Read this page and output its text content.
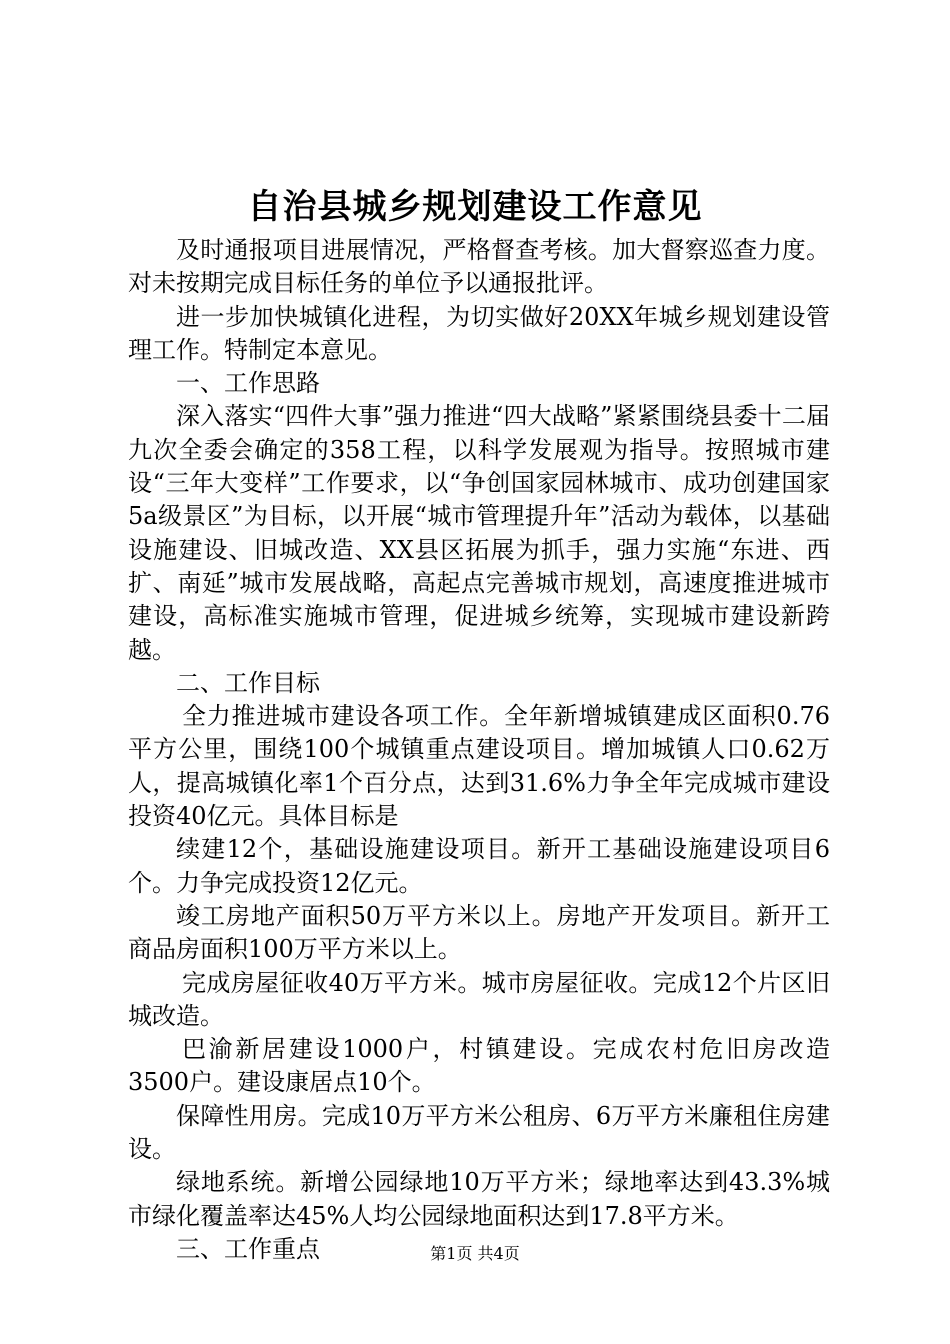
自治县城乡规划建设工作意见

及时通报项目进展情况，严格督查考核。加大督察巡查力度。对未按期完成目标任务的单位予以通报批评。

进一步加快城镇化进程，为切实做好20XX年城乡规划建设管理工作。特制定本意见。

一、工作思路

深入落实“四件大事”强力推进“四大战略”紧紧围绕县委十二届九次全委会确定的358工程，以科学发展观为指导。按照城市建设“三年大变样”工作要求，以“争创国家园林城市、成功创建国家5a级景区”为目标，以开展“城市管理提升年”活动为载体，以基础设施建设、旧城改造、XX县区拓展为抓手，强力实施“东进、西扩、南延”城市发展战略，高起点完善城市规划，高速度推进城市建设，高标准实施城市管理，促进城乡统筹，实现城市建设新跨越。

二、工作目标

全力推进城市建设各项工作。全年新增城镇建成区面积0.76平方公里，围绕100个城镇重点建设项目。增加城镇人口0.62万人，提高城镇化率1个百分点，达到31.6%力争全年完成城市建设投资40亿元。具体目标是

续建12个，基础设施建设项目。新开工基础设施建设项目6个。力争完成投资12亿元。

竣工房地产面积50万平方米以上。房地产开发项目。新开工商品房面积100万平方米以上。

完成房屋征收40万平方米。城市房屋征收。完成12个片区旧城改造。

巴渝新居建设1000户，村镇建设。完成农村危旧房改造3500户。建设康居点10个。

保障性用房。完成10万平方米公租房、6万平方米廉租住房建设。

绿地系统。新增公园绿地10万平方米；绿地率达到43.3%城市绿化覆盖率达45%人均公园绿地面积达到17.8平方米。

三、工作重点	第1页 共4页
